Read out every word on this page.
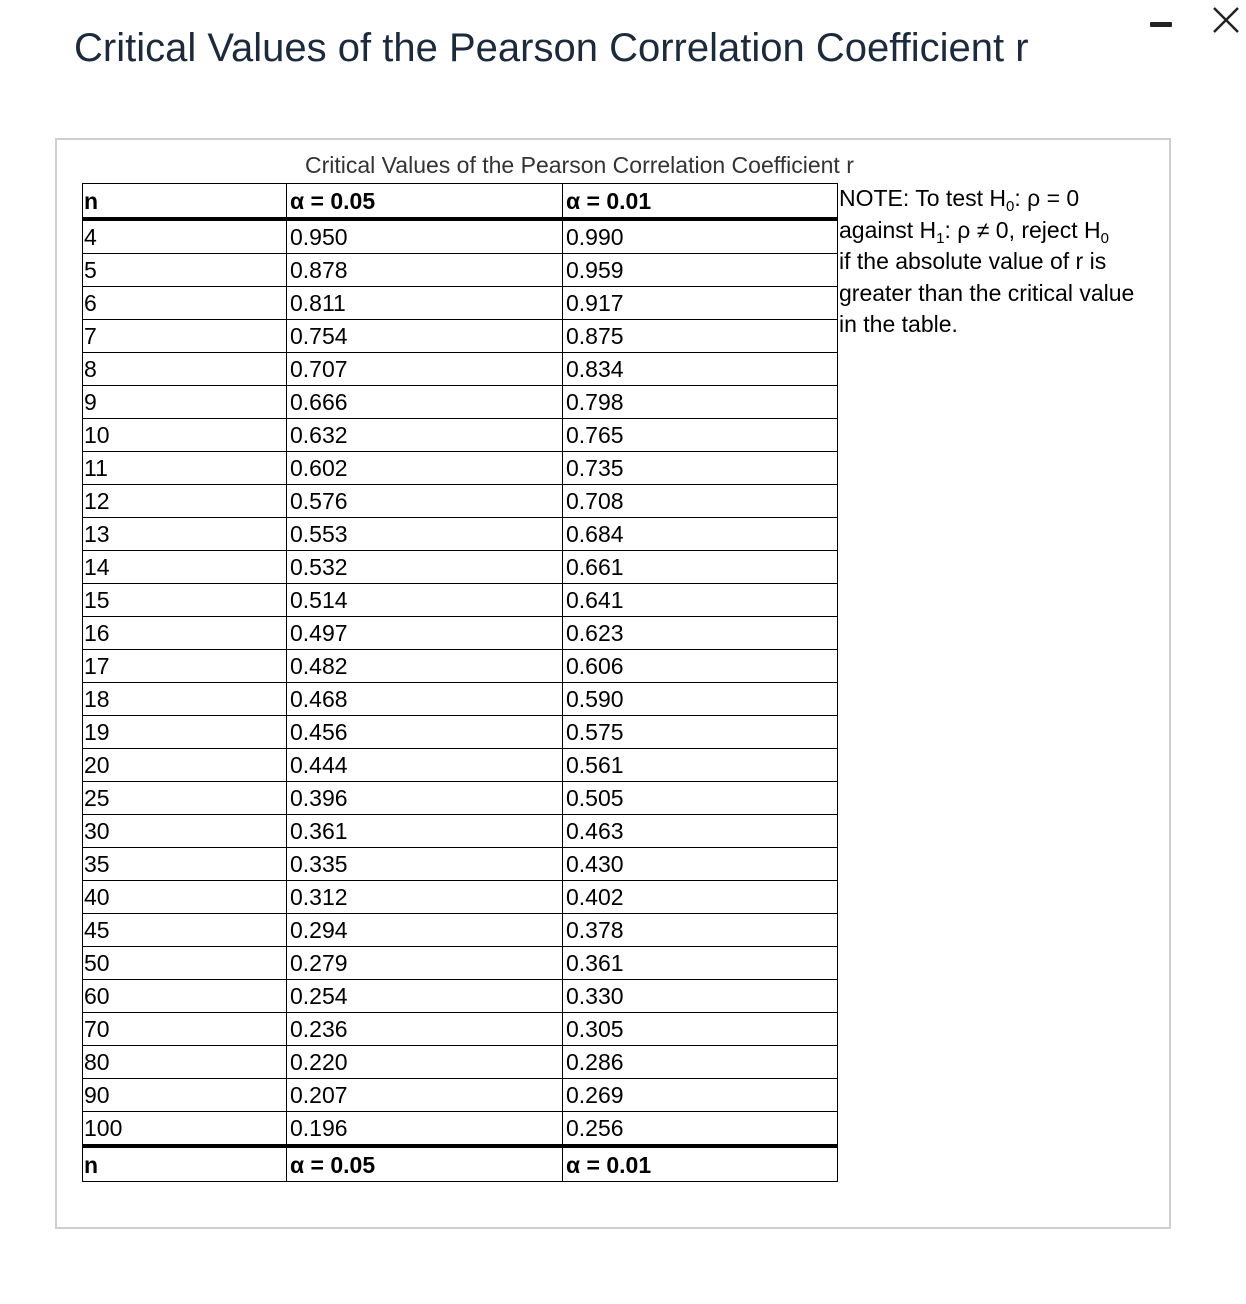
Critical Values of the Pearson Correlation Coefficient r
Critical Values of the Pearson Correlation Coefficient r
n	α = 0.05	α = 0.01
4	0.950	0.990
5	0.878	0.959
6	0.811	0.917
7	0.754	0.875
8	0.707	0.834
9	0.666	0.798
10	0.632	0.765
11	0.602	0.735
12	0.576	0.708
13	0.553	0.684
14	0.532	0.661
15	0.514	0.641
16	0.497	0.623
17	0.482	0.606
18	0.468	0.590
19	0.456	0.575
20	0.444	0.561
25	0.396	0.505
30	0.361	0.463
35	0.335	0.430
40	0.312	0.402
45	0.294	0.378
50	0.279	0.361
60	0.254	0.330
70	0.236	0.305
80	0.220	0.286
90	0.207	0.269
100	0.196	0.256
n	α = 0.05	α = 0.01
NOTE: To test $H_0$: ρ = 0
against $H_1$: ρ ≠ 0, reject $H_0$
if the absolute value of r is greater than the critical value in the table.
